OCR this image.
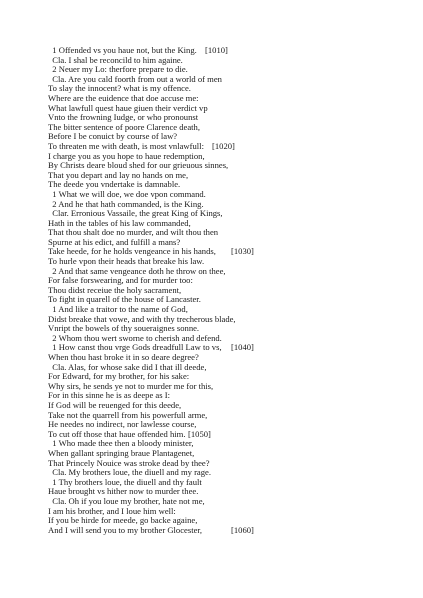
1 Offended vs you haue not, but the King. [1010]
Cla. I shal be reconcild to him againe.
2 Neuer my Lo: therfore prepare to die.
Cla. Are you cald foorth from out a world of men
To slay the innocent? what is my offence.
Where are the euidence that doe accuse me:
What lawfull quest haue giuen their verdict vp
Vnto the frowning Iudge, or who pronounst
The bitter sentence of poore Clarence death,
Before I be conuict by course of law?
To threaten me with death, is most vnlawfull: [1020]
I charge you as you hope to haue redemption,
By Christs deare bloud shed for our grieuous sinnes,
That you depart and lay no hands on me,
The deede you vndertake is damnable.
1 What we will doe, we doe vpon command.
2 And he that hath commanded, is the King.
Clar. Erronious Vassaile, the great King of Kings,
Hath in the tables of his law commanded,
That thou shalt doe no murder, and wilt thou then
Spurne at his edict, and fulfill a mans?
Take heede, for he holds vengeance in his hands, [1030]
To hurle vpon their heads that breake his law.
2 And that same vengeance doth he throw on thee,
For false forswearing, and for murder too:
Thou didst receiue the holy sacrament,
To fight in quarell of the house of Lancaster.
1 And like a traitor to the name of God,
Didst breake that vowe, and with thy trecherous blade,
Vnript the bowels of thy soueraignes sonne.
2 Whom thou wert sworne to cherish and defend.
1 How canst thou vrge Gods dreadfull Law to vs, [1040]
When thou hast broke it in so deare degree?
Cla. Alas, for whose sake did I that ill deede,
For Edward, for my brother, for his sake:
Why sirs, he sends ye not to murder me for this,
For in this sinne he is as deepe as I:
If God will be reuenged for this deede,
Take not the quarrell from his powerfull arme,
He needes no indirect, nor lawlesse course,
To cut off those that haue offended him. [1050]
1 Who made thee then a bloody minister,
When gallant springing braue Plantagenet,
That Princely Nouice was stroke dead by thee?
Cla. My brothers loue, the diuell and my rage.
1 Thy brothers loue, the diuell and thy fault
Haue brought vs hither now to murder thee.
Cla. Oh if you loue my brother, hate not me,
I am his brother, and I loue him well:
If you be hirde for meede, go backe againe,
And I will send you to my brother Glocester,	[1060]
